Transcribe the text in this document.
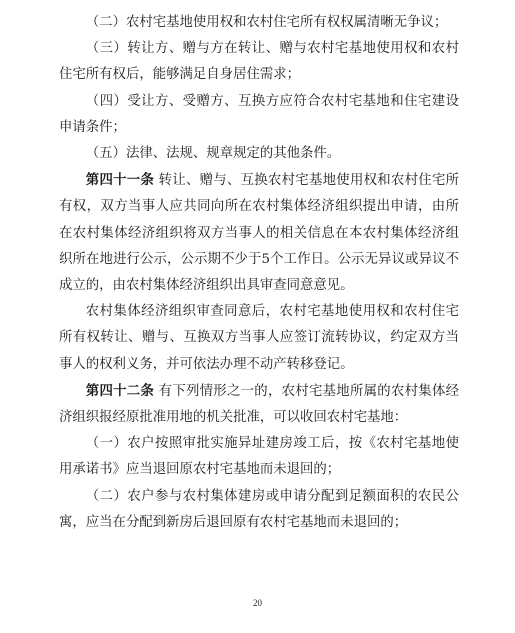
（二）农村宅基地使用权和农村住宅所有权权属清晰无争议；

（三）转让方、赠与方在转让、赠与农村宅基地使用权和农村住宅所有权后，能够满足自身居住需求；

（四）受让方、受赠方、互换方应符合农村宅基地和住宅建设申请条件；

（五）法律、法规、规章规定的其他条件。

第四十一条 转让、赠与、互换农村宅基地使用权和农村住宅所有权，双方当事人应共同向所在农村集体经济组织提出申请，由所在农村集体经济组织将双方当事人的相关信息在本农村集体经济组织所在地进行公示，公示期不少于5个工作日。公示无异议或异议不成立的，由农村集体经济组织出具审查同意意见。

农村集体经济组织审查同意后，农村宅基地使用权和农村住宅所有权转让、赠与、互换双方当事人应签订流转协议，约定双方当事人的权利义务，并可依法办理不动产转移登记。

第四十二条 有下列情形之一的，农村宅基地所属的农村集体经济组织报经原批准用地的机关批准，可以收回农村宅基地：

（一）农户按照审批实施异址建房竣工后，按《农村宅基地使用承诺书》应当退回原农村宅基地而未退回的；

（二）农户参与农村集体建房或申请分配到足额面积的农民公寓，应当在分配到新房后退回原有农村宅基地而未退回的；

20
